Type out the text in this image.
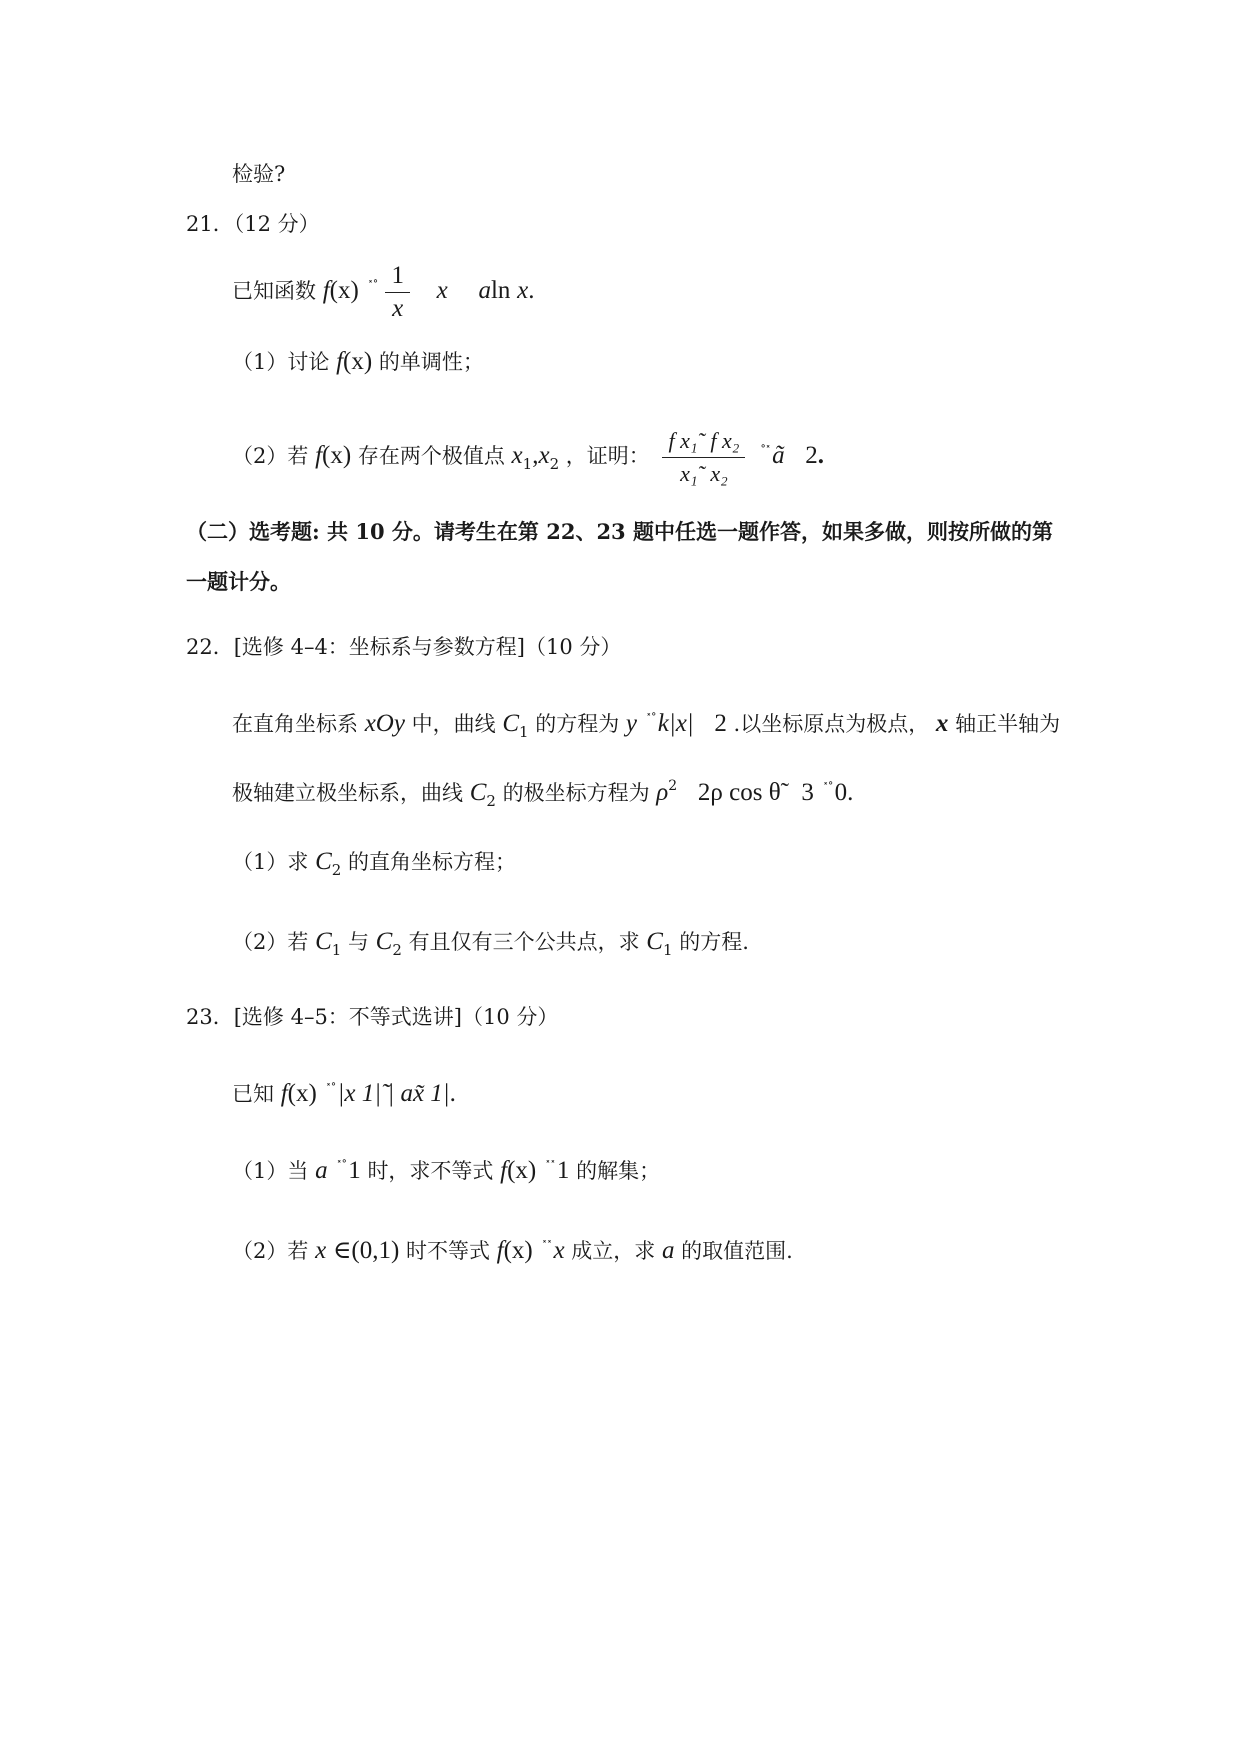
检验?
21．（12 分）
已知函数 f(x) $^{˟˚} \frac{1}{x}$ x aln x.
（1）讨论 f(x) 的单调性；
（2）若 f(x) 存在两个极值点 $x_1,x_2$ ，证明： $\frac{\text{f x₁˜ f x₂}}{\text{x₁˜ x₂}}$ ˚˟ã 2.
（二）选考题: 共 10 分。请考生在第 22、23 题中任选一题作答，如果多做，则按所做的第
一题计分。
22．[选修 4–4：坐标系与参数方程]（10 分）
在直角坐标系 xOy 中，曲线 $C_1$ 的方程为 y ˟˚k|x| 2 .以坐标原点为极点， x 轴正半轴为
极轴建立极坐标系，曲线 $C_2$ 的极坐标方程为 $\rho^2$ 2ρ cos θ̃ 3 ˟˚0.
（1）求 $C_2$ 的直角坐标方程；
（2）若 $C_1$ 与 $C_2$ 有且仅有三个公共点，求 $C_1$ 的方程.
23．[选修 4–5：不等式选讲]（10 分）
已知 f(x) ˟˚|x 1|̃ | ax̃ 1|.
（1）当 a ˟˚1 时，求不等式 f(x) ˟˟1 的解集；
（2）若 x ∈(0,1) 时不等式 f(x) ˟˟x 成立，求 a 的取值范围.
